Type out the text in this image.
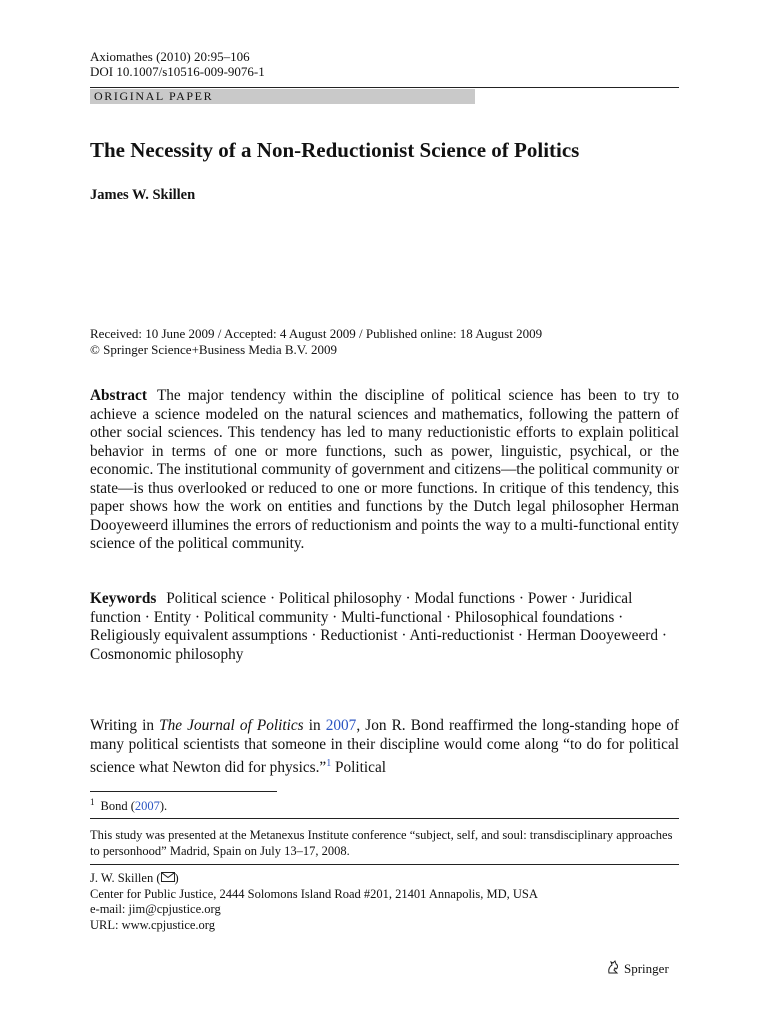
Axiomathes (2010) 20:95–106
DOI 10.1007/s10516-009-9076-1
ORIGINAL PAPER
The Necessity of a Non-Reductionist Science of Politics
James W. Skillen
Received: 10 June 2009 / Accepted: 4 August 2009 / Published online: 18 August 2009
© Springer Science+Business Media B.V. 2009
Abstract The major tendency within the discipline of political science has been to try to achieve a science modeled on the natural sciences and mathematics, following the pattern of other social sciences. This tendency has led to many reductionistic efforts to explain political behavior in terms of one or more functions, such as power, linguistic, psychical, or the economic. The institutional community of government and citizens—the political community or state—is thus overlooked or reduced to one or more functions. In critique of this tendency, this paper shows how the work on entities and functions by the Dutch legal philosopher Herman Dooyeweerd illumines the errors of reductionism and points the way to a multi-functional entity science of the political community.
Keywords Political science · Political philosophy · Modal functions · Power · Juridical function · Entity · Political community · Multi-functional · Philosophical foundations · Religiously equivalent assumptions · Reductionist · Anti-reductionist · Herman Dooyeweerd · Cosmonomic philosophy
Writing in The Journal of Politics in 2007, Jon R. Bond reaffirmed the long-standing hope of many political scientists that someone in their discipline would come along “to do for political science what Newton did for physics.”$^1$ Political
$^1$ Bond (2007).
This study was presented at the Metanexus Institute conference “subject, self, and soul: transdisciplinary approaches to personhood” Madrid, Spain on July 13–17, 2008.
J. W. Skillen ( )
Center for Public Justice, 2444 Solomons Island Road #201, 21401 Annapolis, MD, USA
e-mail: jim@cpjustice.org
URL: www.cpjustice.org
Springer
